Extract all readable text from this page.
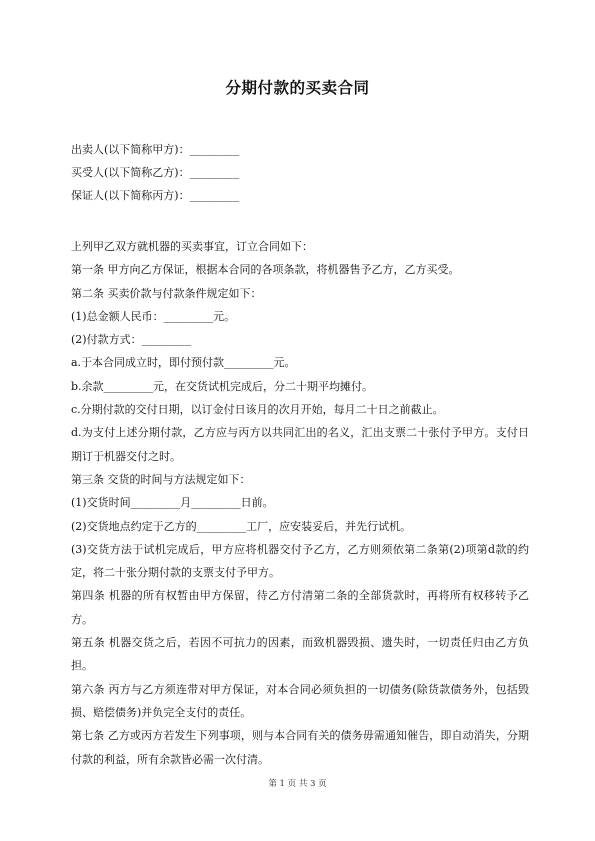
分期付款的买卖合同
出卖人(以下简称甲方)：_________
买受人(以下简称乙方)：_________
保证人(以下简称丙方)：_________
上列甲乙双方就机器的买卖事宜，订立合同如下：
第一条 甲方向乙方保证，根据本合同的各项条款，将机器售予乙方，乙方买受。
第二条 买卖价款与付款条件规定如下：
(1)总金额人民币：_________元。
(2)付款方式：_________
a.于本合同成立时，即付预付款_________元。
b.余款_________元，在交货试机完成后，分二十期平均摊付。
c.分期付款的交付日期，以订金付日该月的次月开始，每月二十日之前截止。
d.为支付上述分期付款，乙方应与丙方以共同汇出的名义，汇出支票二十张付予甲方。支付日期订于机器交付之时。
第三条 交货的时间与方法规定如下：
(1)交货时间_________月_________日前。
(2)交货地点约定于乙方的_________工厂，应安装妥后，并先行试机。
(3)交货方法于试机完成后，甲方应将机器交付予乙方，乙方则须依第二条第(2)项第d款的约定，将二十张分期付款的支票支付予甲方。
第四条 机器的所有权暂由甲方保留，待乙方付清第二条的全部货款时，再将所有权移转予乙方。
第五条 机器交货之后，若因不可抗力的因素，而致机器毁损、遗失时，一切责任归由乙方负担。
第六条 丙方与乙方须连带对甲方保证，对本合同必须负担的一切债务(除货款债务外，包括毁损、赔偿债务)并负完全支付的责任。
第七条 乙方或丙方若发生下列事项，则与本合同有关的债务毋需通知催告，即自动消失，分期付款的利益，所有余款皆必需一次付清。
第 1 页 共 3 页
